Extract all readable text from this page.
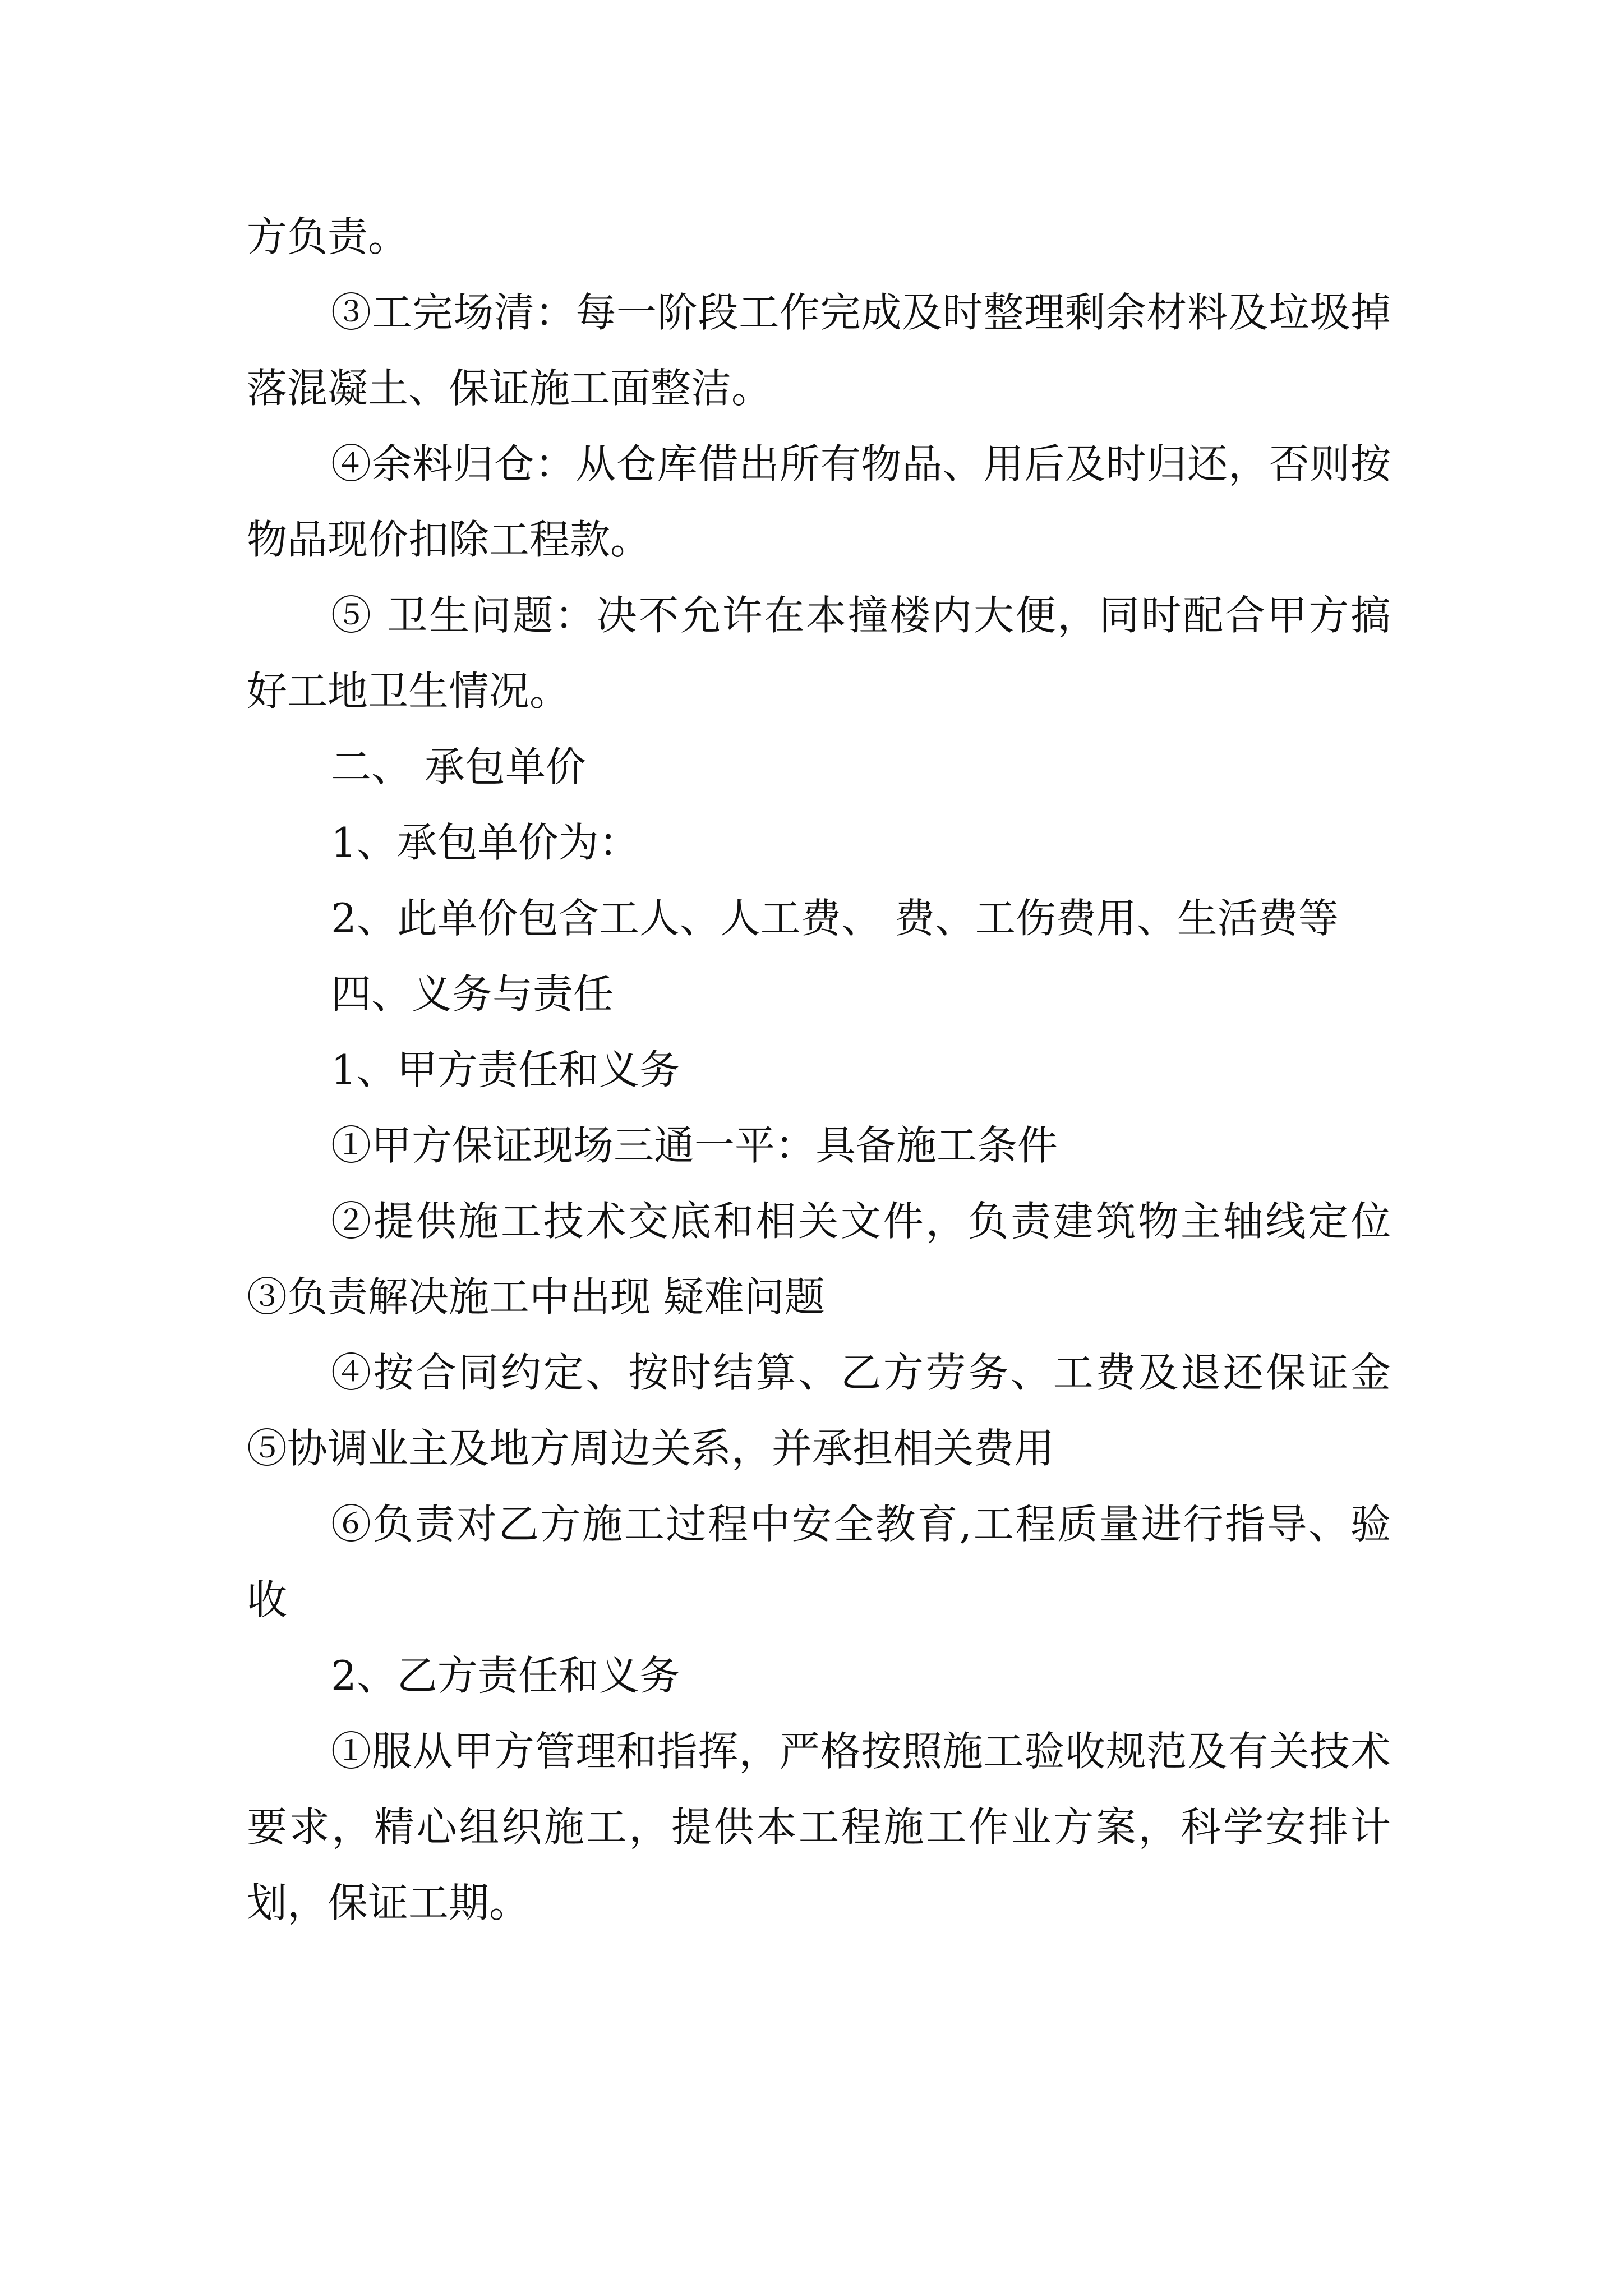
方负责。

③工完场清：每一阶段工作完成及时整理剩余材料及垃圾掉落混凝土、保证施工面整洁。

④余料归仓：从仓库借出所有物品、用后及时归还，否则按物品现价扣除工程款。

⑤ 卫生问题：决不允许在本撞楼内大便，同时配合甲方搞好工地卫生情况。

二、 承包单价

1、承包单价为：

2、此单价包含工人、人工费、 费、工伤费用、生活费等

四、义务与责任

1、甲方责任和义务

①甲方保证现场三通一平：具备施工条件

②提供施工技术交底和相关文件，负责建筑物主轴线定位 ③负责解决施工中出现 疑难问题

④按合同约定、按时结算、乙方劳务、工费及退还保证金 ⑤协调业主及地方周边关系，并承担相关费用

⑥负责对乙方施工过程中安全教育,工程质量进行指导、验收

2、乙方责任和义务

①服从甲方管理和指挥，严格按照施工验收规范及有关技术要求，精心组织施工，提供本工程施工作业方案，科学安排计划，保证工期。
